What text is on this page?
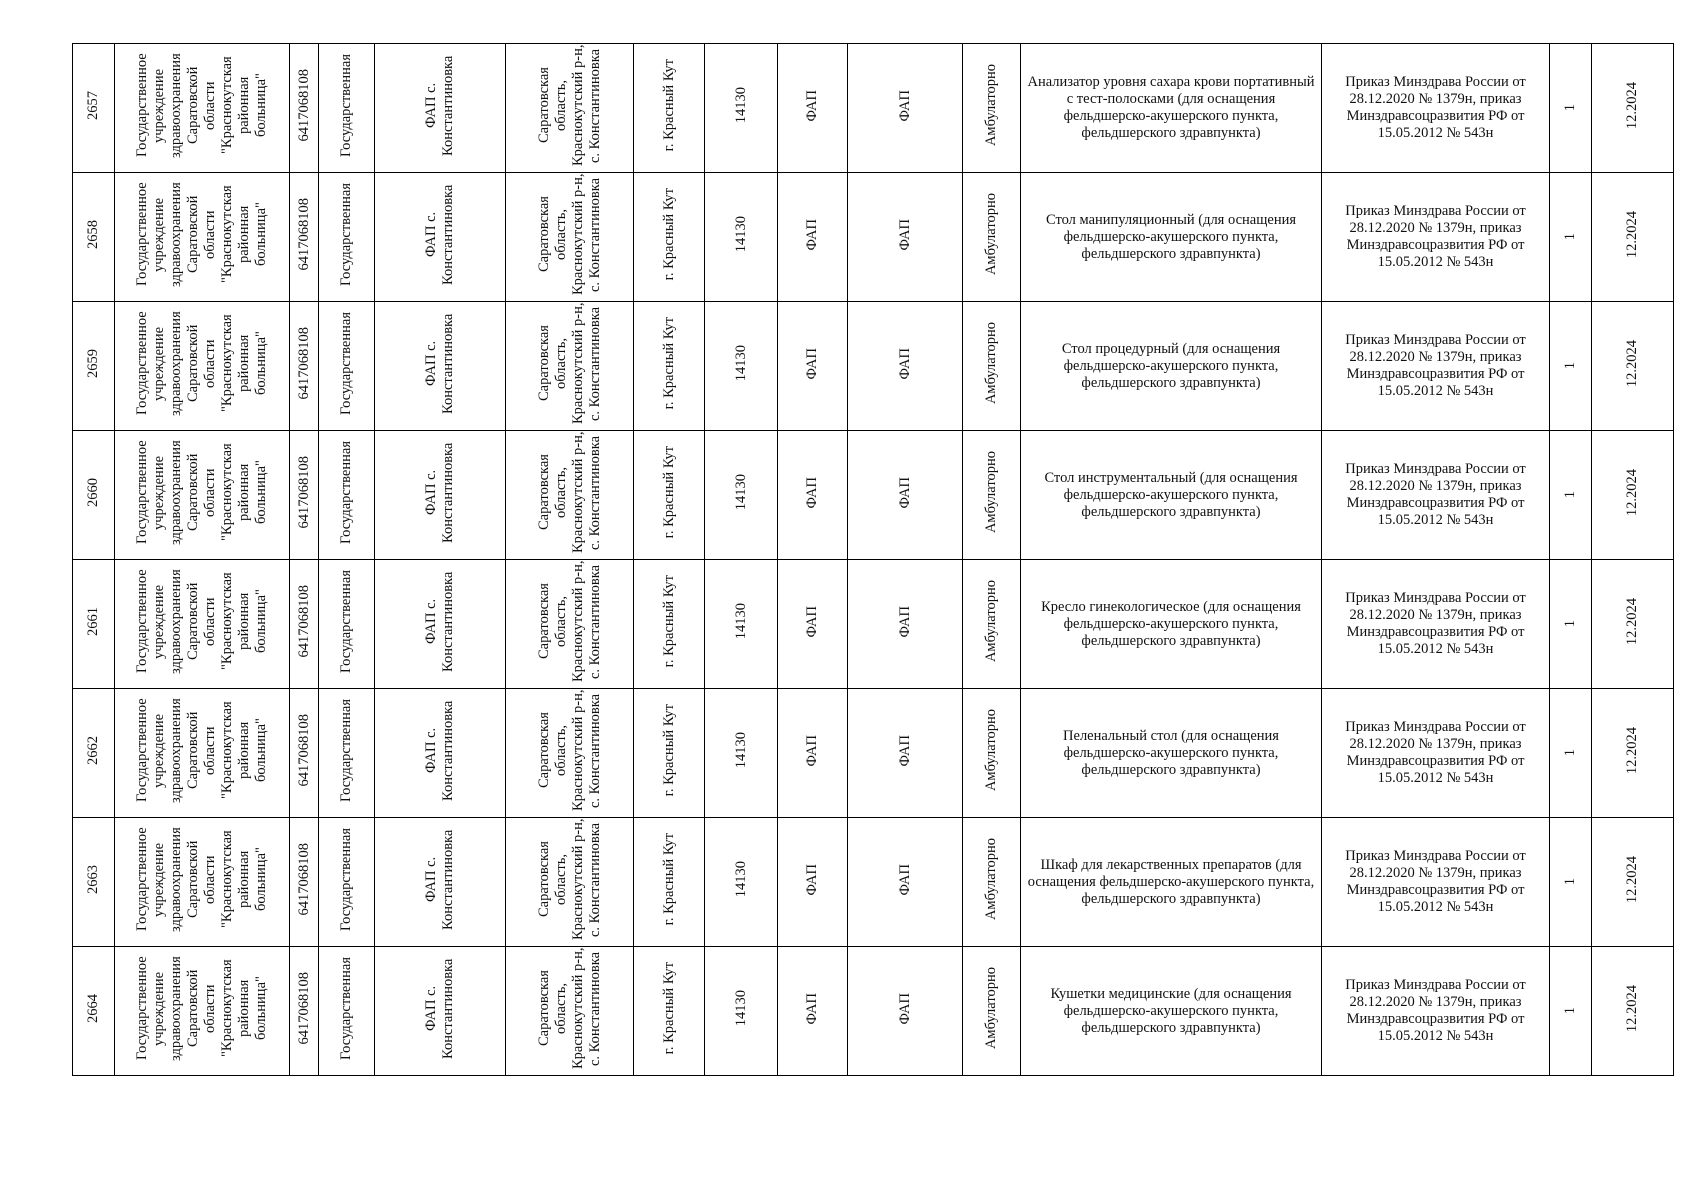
2657	Государственное учреждение здравоохранения Саратовской области "Краснокутская районная больница"	6417068108	Государственная	ФАП с. Константиновка	Саратовская область, Краснокутский р-н, с. Константиновка	г. Красный Кут	14130	ФАП	ФАП	Амбулаторно	Анализатор уровня сахара крови портативный с тест-полосками (для оснащения фельдшерско-акушерского пункта, фельдшерского здравпункта)	Приказ Минздрава России от 28.12.2020 № 1379н, приказ Минздравсоцразвития РФ от 15.05.2012 № 543н	1	12.2024
2658	Государственное учреждение здравоохранения Саратовской области "Краснокутская районная больница"	6417068108	Государственная	ФАП с. Константиновка	Саратовская область, Краснокутский р-н, с. Константиновка	г. Красный Кут	14130	ФАП	ФАП	Амбулаторно	Стол манипуляционный (для оснащения фельдшерско-акушерского пункта, фельдшерского здравпункта)	Приказ Минздрава России от 28.12.2020 № 1379н, приказ Минздравсоцразвития РФ от 15.05.2012 № 543н	1	12.2024
2659	Государственное учреждение здравоохранения Саратовской области "Краснокутская районная больница"	6417068108	Государственная	ФАП с. Константиновка	Саратовская область, Краснокутский р-н, с. Константиновка	г. Красный Кут	14130	ФАП	ФАП	Амбулаторно	Стол процедурный (для оснащения фельдшерско-акушерского пункта, фельдшерского здравпункта)	Приказ Минздрава России от 28.12.2020 № 1379н, приказ Минздравсоцразвития РФ от 15.05.2012 № 543н	1	12.2024
2660	Государственное учреждение здравоохранения Саратовской области "Краснокутская районная больница"	6417068108	Государственная	ФАП с. Константиновка	Саратовская область, Краснокутский р-н, с. Константиновка	г. Красный Кут	14130	ФАП	ФАП	Амбулаторно	Стол инструментальный (для оснащения фельдшерско-акушерского пункта, фельдшерского здравпункта)	Приказ Минздрава России от 28.12.2020 № 1379н, приказ Минздравсоцразвития РФ от 15.05.2012 № 543н	1	12.2024
2661	Государственное учреждение здравоохранения Саратовской области "Краснокутская районная больница"	6417068108	Государственная	ФАП с. Константиновка	Саратовская область, Краснокутский р-н, с. Константиновка	г. Красный Кут	14130	ФАП	ФАП	Амбулаторно	Кресло гинекологическое (для оснащения фельдшерско-акушерского пункта, фельдшерского здравпункта)	Приказ Минздрава России от 28.12.2020 № 1379н, приказ Минздравсоцразвития РФ от 15.05.2012 № 543н	1	12.2024
2662	Государственное учреждение здравоохранения Саратовской области "Краснокутская районная больница"	6417068108	Государственная	ФАП с. Константиновка	Саратовская область, Краснокутский р-н, с. Константиновка	г. Красный Кут	14130	ФАП	ФАП	Амбулаторно	Пеленальный стол (для оснащения фельдшерско-акушерского пункта, фельдшерского здравпункта)	Приказ Минздрава России от 28.12.2020 № 1379н, приказ Минздравсоцразвития РФ от 15.05.2012 № 543н	1	12.2024
2663	Государственное учреждение здравоохранения Саратовской области "Краснокутская районная больница"	6417068108	Государственная	ФАП с. Константиновка	Саратовская область, Краснокутский р-н, с. Константиновка	г. Красный Кут	14130	ФАП	ФАП	Амбулаторно	Шкаф для лекарственных препаратов (для оснащения фельдшерско-акушерского пункта, фельдшерского здравпункта)	Приказ Минздрава России от 28.12.2020 № 1379н, приказ Минздравсоцразвития РФ от 15.05.2012 № 543н	1	12.2024
2664	Государственное учреждение здравоохранения Саратовской области "Краснокутская районная больница"	6417068108	Государственная	ФАП с. Константиновка	Саратовская область, Краснокутский р-н, с. Константиновка	г. Красный Кут	14130	ФАП	ФАП	Амбулаторно	Кушетки медицинские (для оснащения фельдшерско-акушерского пункта, фельдшерского здравпункта)	Приказ Минздрава России от 28.12.2020 № 1379н, приказ Минздравсоцразвития РФ от 15.05.2012 № 543н	1	12.2024
